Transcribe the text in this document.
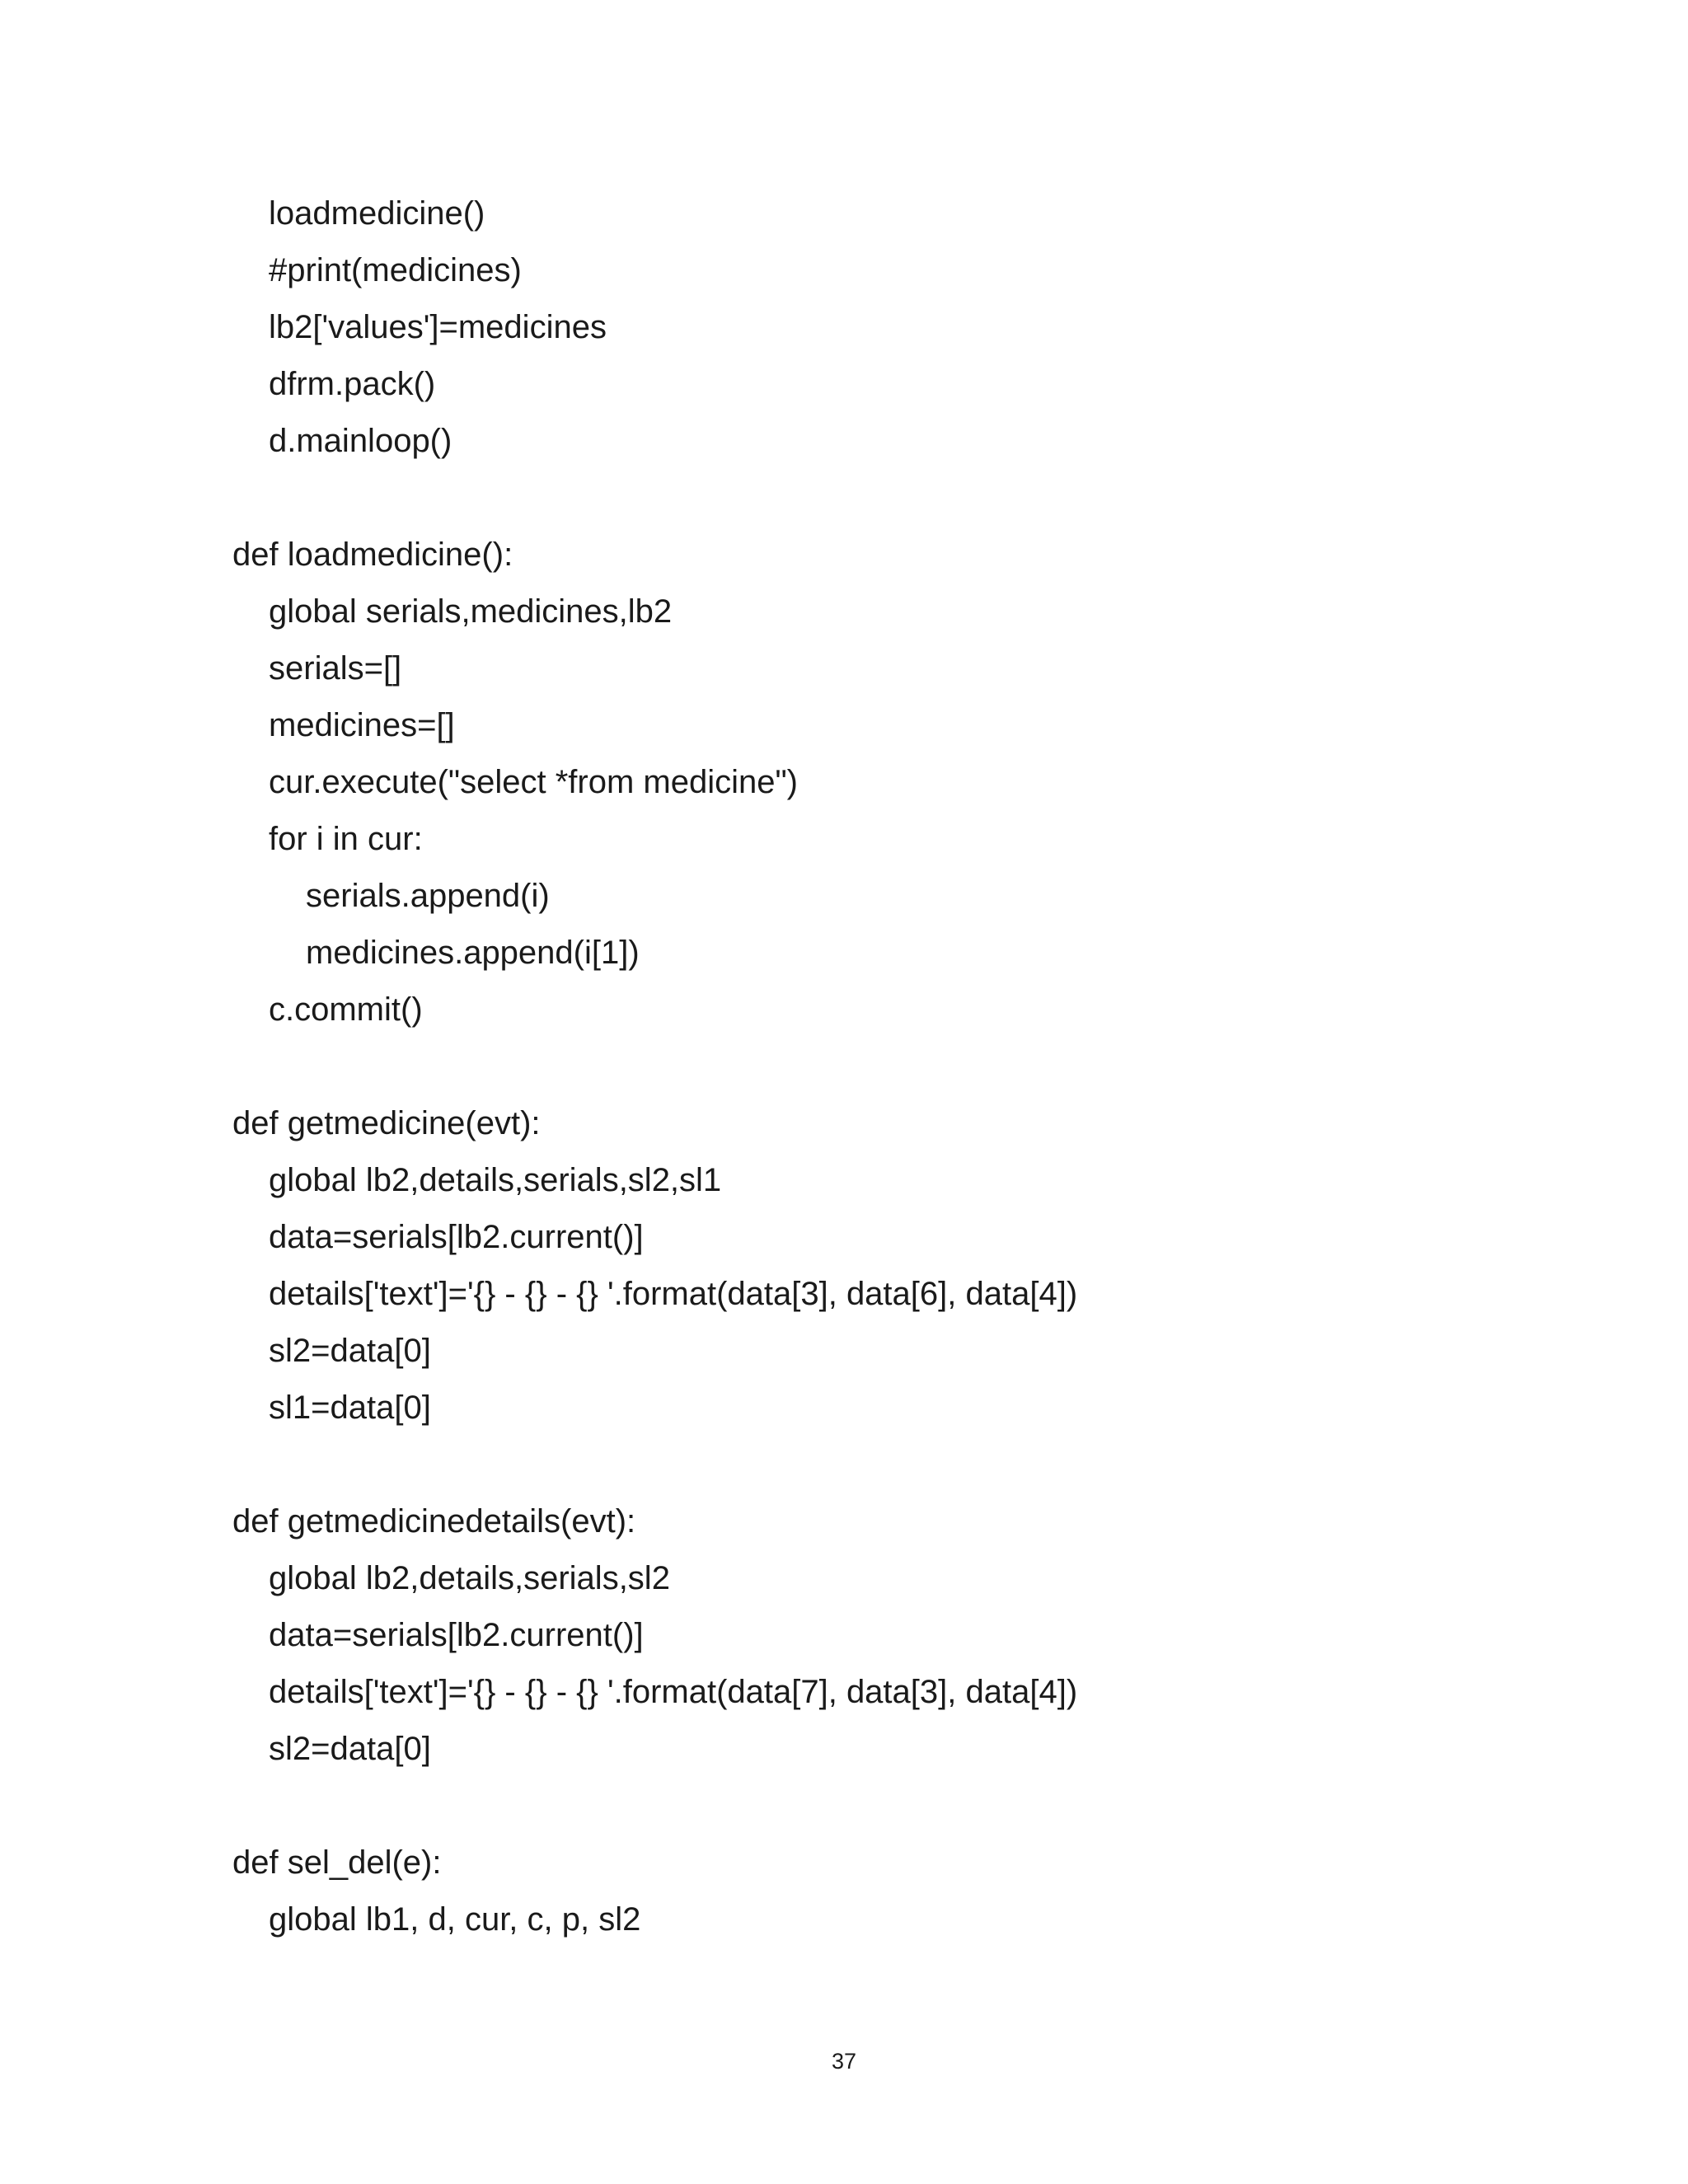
loadmedicine()
#print(medicines)
lb2['values']=medicines
dfrm.pack()
d.mainloop()
def loadmedicine():
global serials,medicines,lb2
serials=[]
medicines=[]
cur.execute("select *from medicine")
for i in cur:
serials.append(i)
medicines.append(i[1])
c.commit()
def getmedicine(evt):
global lb2,details,serials,sl2,sl1
data=serials[lb2.current()]
details['text']='{} - {} - {} '.format(data[3], data[6], data[4])
sl2=data[0]
sl1=data[0]
def getmedicinedetails(evt):
global lb2,details,serials,sl2
data=serials[lb2.current()]
details['text']='{} - {} - {} '.format(data[7], data[3], data[4])
sl2=data[0]
def sel_del(e):
global lb1, d, cur, c, p, sl2
37
